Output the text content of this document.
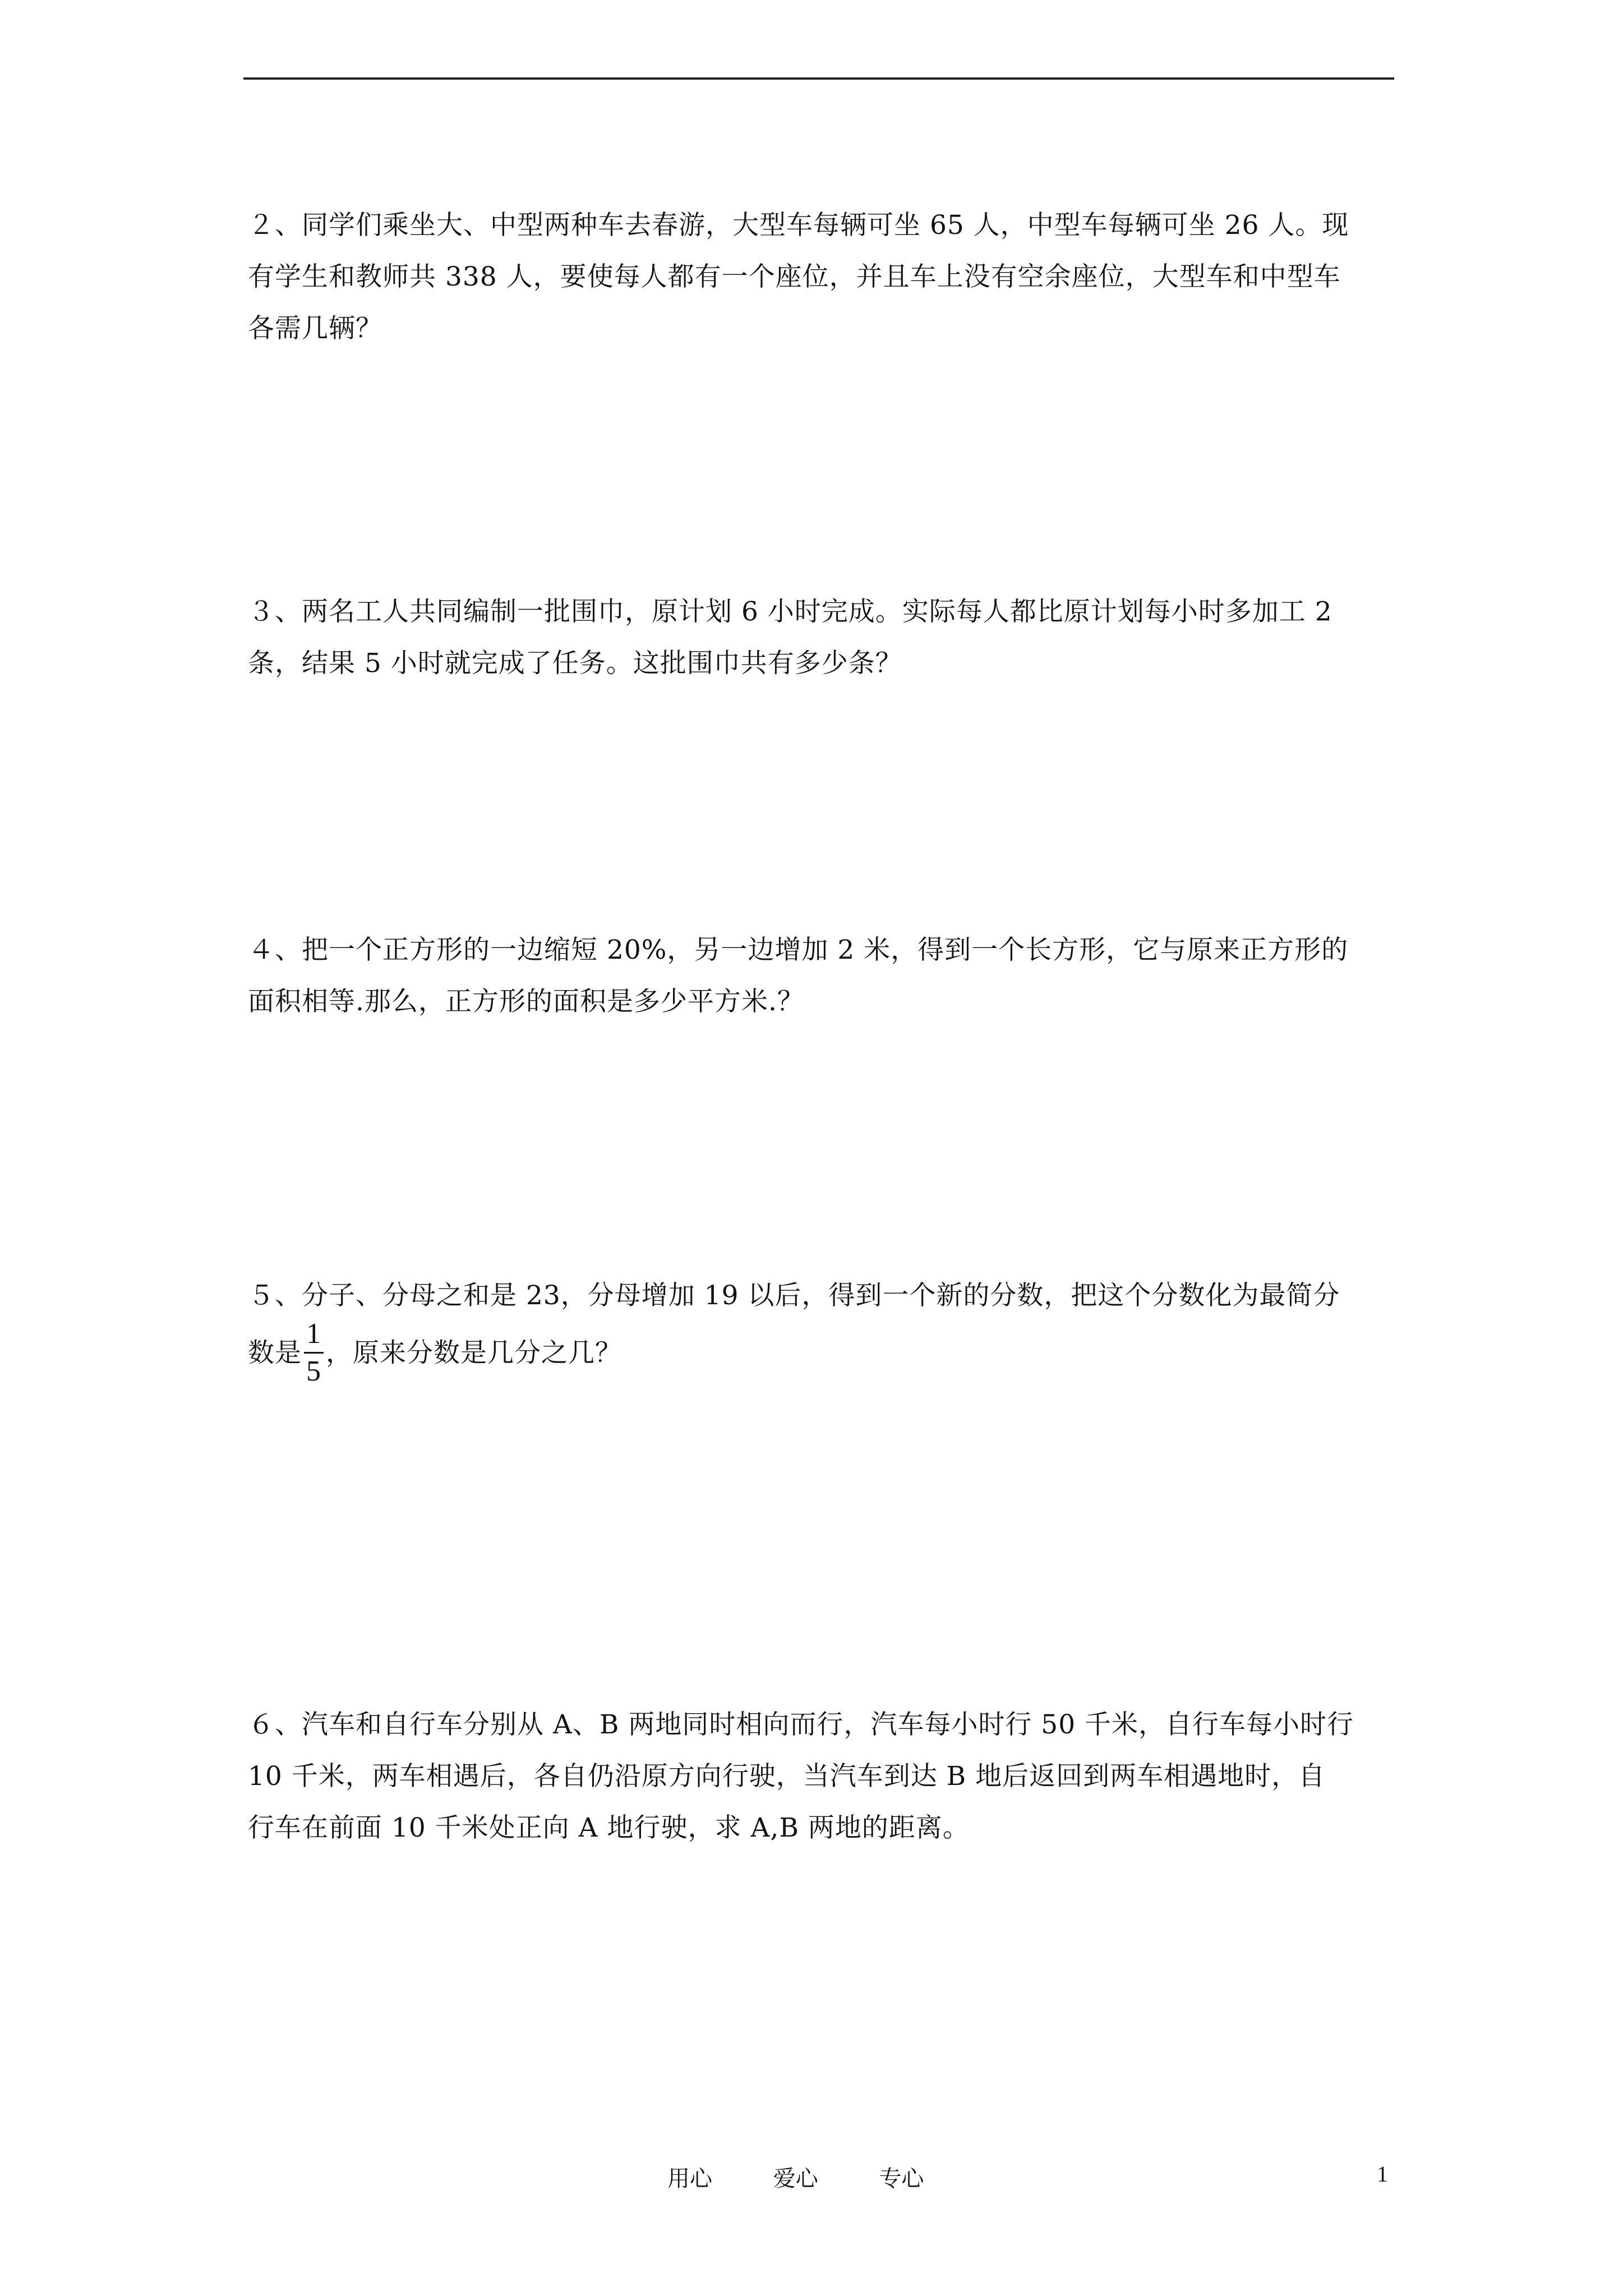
２、同学们乘坐大、中型两种车去春游，大型车每辆可坐 65 人，中型车每辆可坐 26 人。现
有学生和教师共 338 人，要使每人都有一个座位，并且车上没有空余座位，大型车和中型车
各需几辆？
３、两名工人共同编制一批围巾，原计划 6 小时完成。实际每人都比原计划每小时多加工 2
条，结果 5 小时就完成了任务。这批围巾共有多少条？
４、把一个正方形的一边缩短 20%，另一边增加 2 米，得到一个长方形，它与原来正方形的
面积相等.那么，正方形的面积是多少平方米.？
５、分子、分母之和是 23，分母增加 19 以后，得到一个新的分数，把这个分数化为最简分
数是 $\frac{1}{5}$ ，原来分数是几分之几？
６、汽车和自行车分别从 A、B 两地同时相向而行，汽车每小时行 50 千米，自行车每小时行
10 千米，两车相遇后，各自仍沿原方向行驶，当汽车到达 B 地后返回到两车相遇地时，自
行车在前面 10 千米处正向 A 地行驶，求 A,B 两地的距离。
用心	爱心	专心	1
